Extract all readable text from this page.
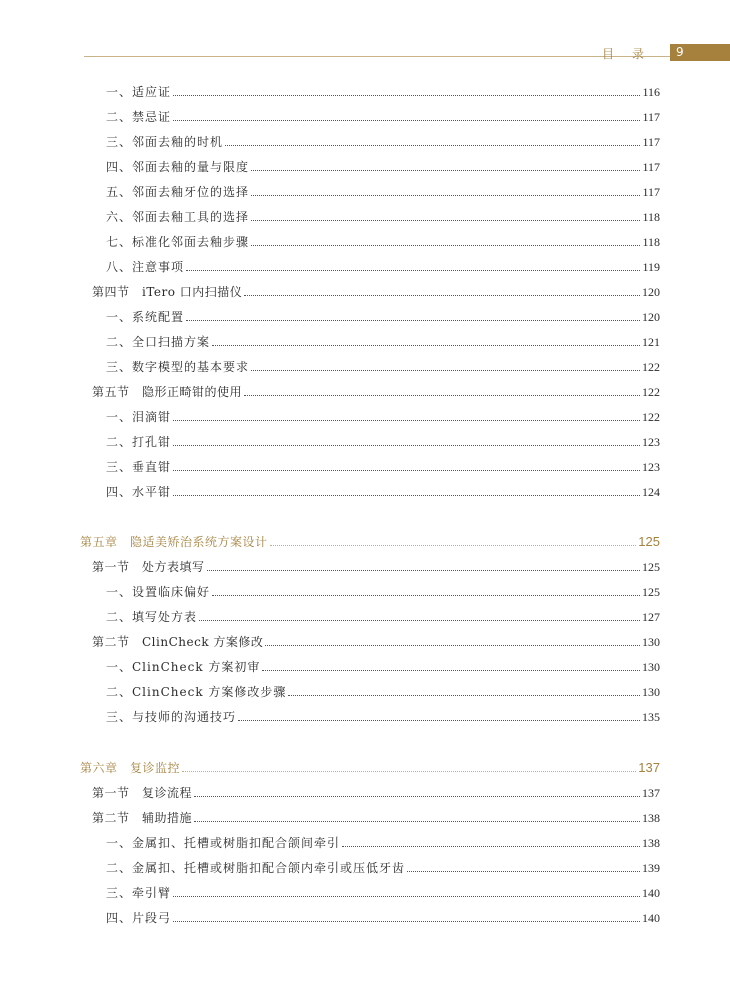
目录	9
一、适应证	116
二、禁忌证	117
三、邻面去釉的时机	117
四、邻面去釉的量与限度	117
五、邻面去釉牙位的选择	117
六、邻面去釉工具的选择	118
七、标准化邻面去釉步骤	118
八、注意事项	119
第四节　iTero 口内扫描仪	120
一、系统配置	120
二、全口扫描方案	121
三、数字模型的基本要求	122
第五节　隐形正畸钳的使用	122
一、泪滴钳	122
二、打孔钳	123
三、垂直钳	123
四、水平钳	124
第五章　隐适美矫治系统方案设计	125
第一节　处方表填写	125
一、设置临床偏好	125
二、填写处方表	127
第二节　ClinCheck 方案修改	130
一、ClinCheck 方案初审	130
二、ClinCheck 方案修改步骤	130
三、与技师的沟通技巧	135
第六章　复诊监控	137
第一节　复诊流程	137
第二节　辅助措施	138
一、金属扣、托槽或树脂扣配合颌间牵引	138
二、金属扣、托槽或树脂扣配合颌内牵引或压低牙齿	139
三、牵引臂	140
四、片段弓	140
